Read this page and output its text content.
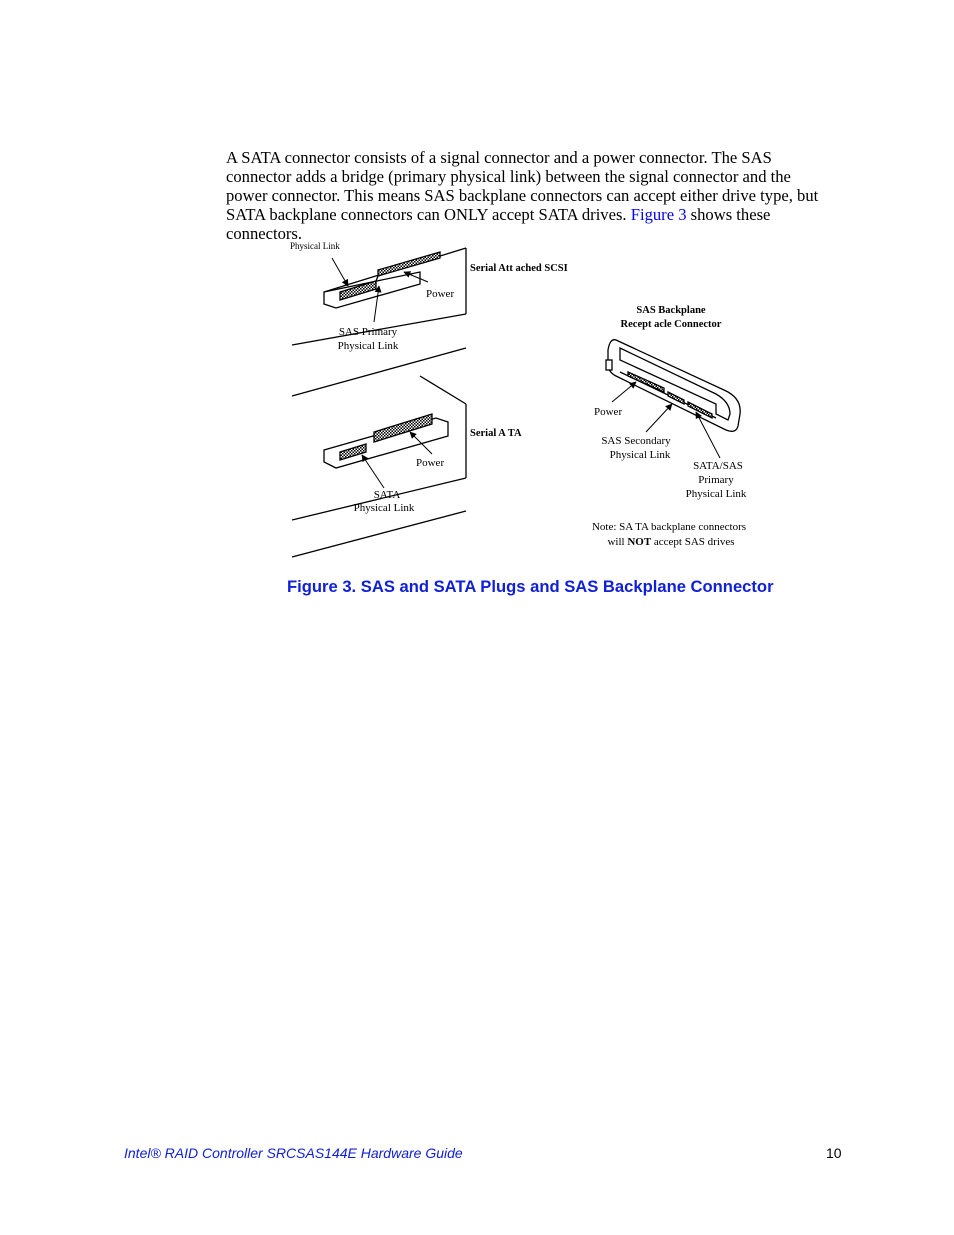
A SATA connector consists of a signal connector and a power connector. The SAS
connector adds a bridge (primary physical link) between the signal connector and the
power connector. This means SAS backplane connectors can accept either drive type, but
SATA backplane connectors can ONLY accept SATA drives. Figure 3 shows these
connectors.
Physical Link
Serial Att ached SCSI
Power
SAS Primary
Physical Link
Serial A TA
Power
SATA
Physical Link
SAS Backplane
Recept acle Connector
Power
SAS Secondary
Physical Link
SATA/SAS
Primary
Physical Link
Note: SA TA backplane connectors
will NOT accept SAS drives
Figure 3. SAS and SATA Plugs and SAS Backplane Connector
Intel® RAID Controller SRCSAS144E Hardware Guide	10
